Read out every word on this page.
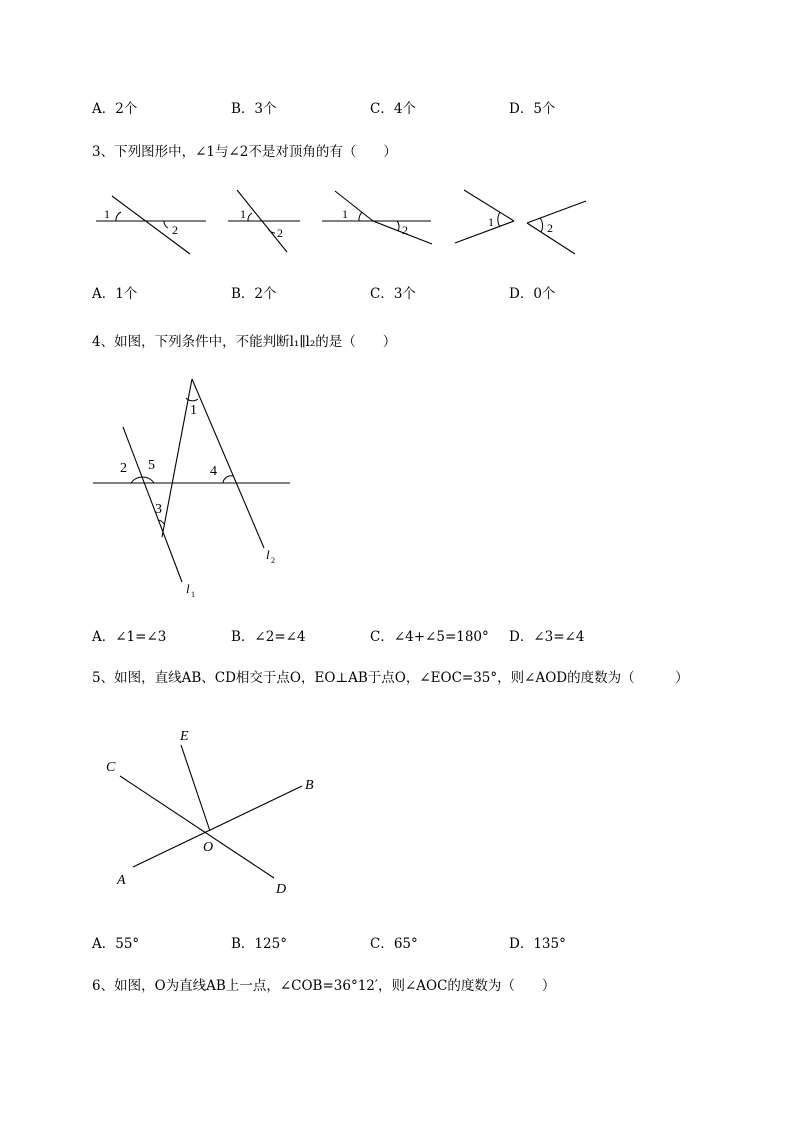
A．2个	B．3个	C．4个	D．5个
3、下列图形中，∠1与∠2不是对顶角的有（　　）
1
2
1
2
1
2
1	2
A．1个	B．2个	C．3个	D．0个
4、如图，下列条件中，不能判断l₁∥l₂的是（　　）
1
2 5
3
4
l 2
l 1
A．∠1=∠3	B．∠2=∠4	C．∠4+∠5=180° D．∠3=∠4
5、如图，直线AB、CD相交于点O，EO⊥AB于点O，∠EOC=35°，则∠AOD的度数为（　　　）
E
C
B
O
A
D
A．55°	B．125°	C．65°	D．135°
6、如图，O为直线AB上一点，∠COB=36°12′，则∠AOC的度数为（　　）
